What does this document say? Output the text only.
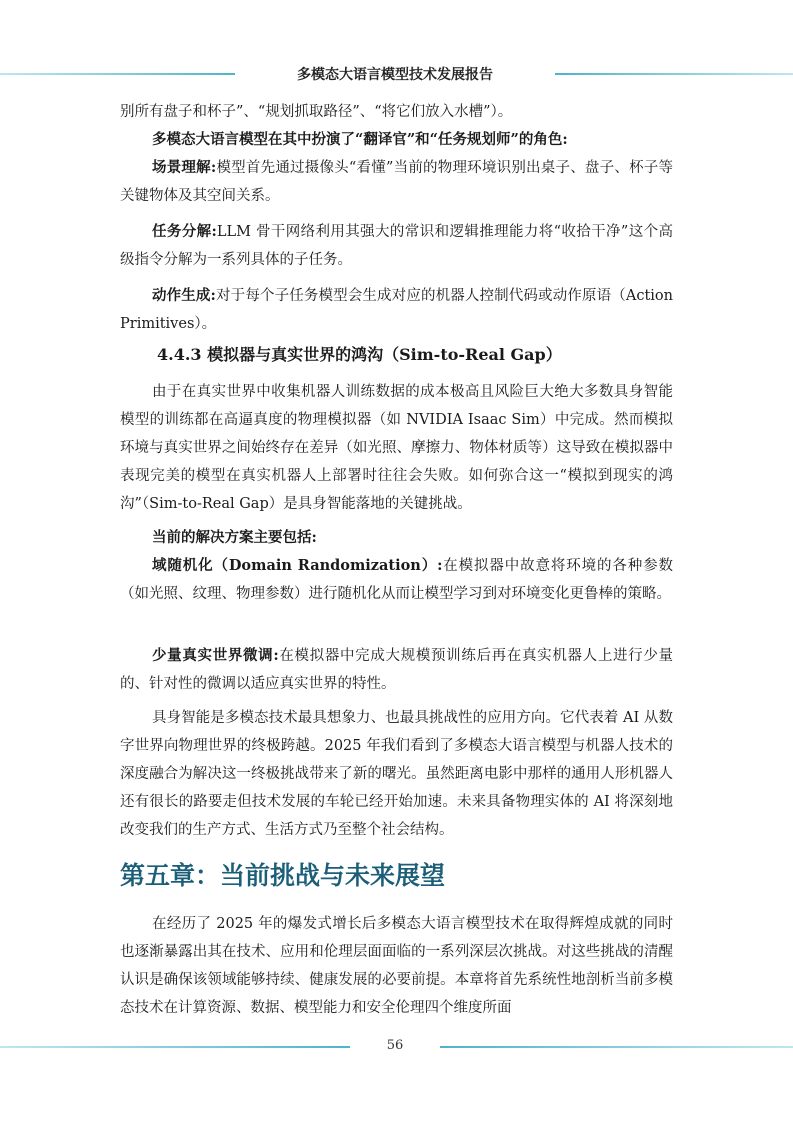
多模态大语言模型技术发展报告

别所有盘子和杯子”、“规划抓取路径”、“将它们放入水槽”）。

多模态大语言模型在其中扮演了“翻译官”和“任务规划师”的角色:

场景理解:模型首先通过摄像头“看懂”当前的物理环境识别出桌子、盘子、杯子等关键物体及其空间关系。

任务分解:LLM 骨干网络利用其强大的常识和逻辑推理能力将“收拾干净”这个高级指令分解为一系列具体的子任务。

动作生成:对于每个子任务模型会生成对应的机器人控制代码或动作原语（Action Primitives）。

4.4.3 模拟器与真实世界的鸿沟（Sim-to-Real Gap）

由于在真实世界中收集机器人训练数据的成本极高且风险巨大绝大多数具身智能模型的训练都在高逼真度的物理模拟器（如 NVIDIA Isaac Sim）中完成。然而模拟环境与真实世界之间始终存在差异（如光照、摩擦力、物体材质等）这导致在模拟器中表现完美的模型在真实机器人上部署时往往会失败。如何弥合这一“模拟到现实的鸿沟”（Sim-to-Real Gap）是具身智能落地的关键挑战。

当前的解决方案主要包括:

域随机化（Domain Randomization）:在模拟器中故意将环境的各种参数（如光照、纹理、物理参数）进行随机化从而让模型学习到对环境变化更鲁棒的策略。

少量真实世界微调:在模拟器中完成大规模预训练后再在真实机器人上进行少量的、针对性的微调以适应真实世界的特性。

具身智能是多模态技术最具想象力、也最具挑战性的应用方向。它代表着 AI 从数字世界向物理世界的终极跨越。2025 年我们看到了多模态大语言模型与机器人技术的深度融合为解决这一终极挑战带来了新的曙光。虽然距离电影中那样的通用人形机器人还有很长的路要走但技术发展的车轮已经开始加速。未来具备物理实体的 AI 将深刻地改变我们的生产方式、生活方式乃至整个社会结构。

第五章：当前挑战与未来展望

在经历了 2025 年的爆发式增长后多模态大语言模型技术在取得辉煌成就的同时也逐渐暴露出其在技术、应用和伦理层面面临的一系列深层次挑战。对这些挑战的清醒认识是确保该领域能够持续、健康发展的必要前提。本章将首先系统性地剖析当前多模态技术在计算资源、数据、模型能力和安全伦理四个维度所面

56
